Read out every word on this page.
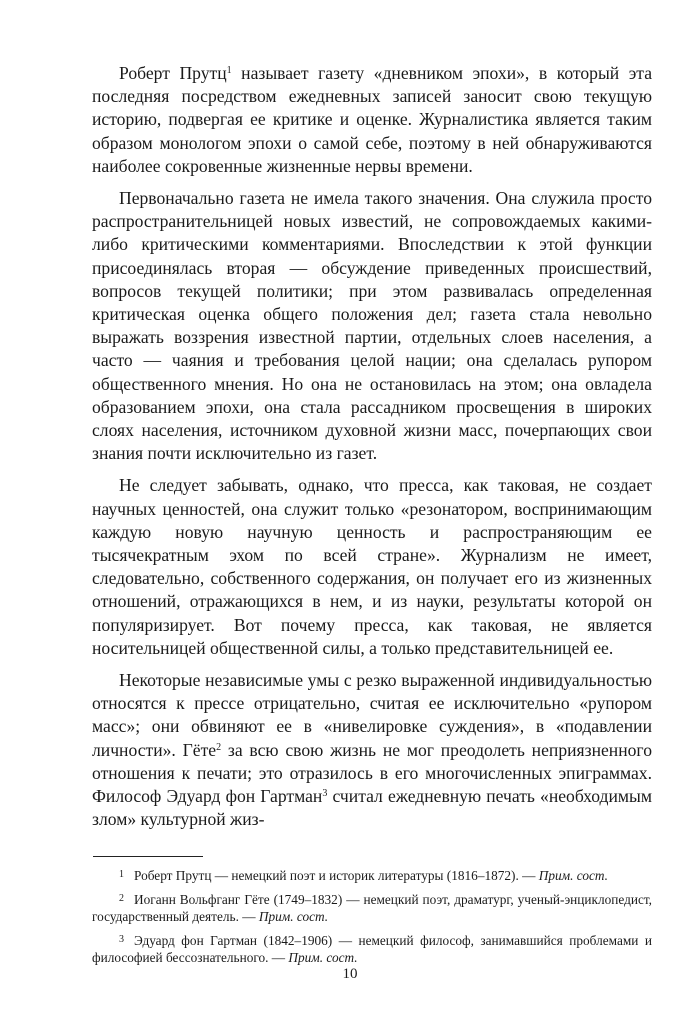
Роберт Прутц$^1$ называет газету «дневником эпохи», в который эта последняя посредством ежедневных записей заносит свою текущую историю, подвергая ее критике и оценке. Журналистика является таким образом монологом эпохи о самой себе, поэтому в ней обнаруживаются наиболее сокровенные жизненные нервы времени.

Первоначально газета не имела такого значения. Она служила просто распространительницей новых известий, не сопровождаемых какими-либо критическими комментариями. Впоследствии к этой функции присоединялась вторая — обсуждение приведенных происшествий, вопросов текущей политики; при этом развивалась определенная критическая оценка общего положения дел; газета стала невольно выражать воззрения известной партии, отдельных слоев населения, а часто — чаяния и требования целой нации; она сделалась рупором общественного мнения. Но она не остановилась на этом; она овладела образованием эпохи, она стала рассадником просвещения в широких слоях населения, источником духовной жизни масс, почерпающих свои знания почти исключительно из газет.

Не следует забывать, однако, что пресса, как таковая, не создает научных ценностей, она служит только «резонатором, воспринимающим каждую новую научную ценность и распространяющим ее тысячекратным эхом по всей стране». Журнализм не имеет, следовательно, собственного содержания, он получает его из жизненных отношений, отражающихся в нем, и из науки, результаты которой он популяризирует. Вот почему пресса, как таковая, не является носительницей общественной силы, а только представительницей ее.

Некоторые независимые умы с резко выраженной индивидуальностью относятся к прессе отрицательно, считая ее исключительно «рупором масс»; они обвиняют ее в «нивелировке суждения», в «подавлении личности». Гёте$^2$ за всю свою жизнь не мог преодолеть неприязненного отношения к печати; это отразилось в его многочисленных эпиграммах. Философ Эдуард фон Гартман$^3$ считал ежедневную печать «необходимым злом» культурной жиз-

$^1$ Роберт Прутц — немецкий поэт и историк литературы (1816–1872). — Прим. сост.

$^2$ Иоганн Вольфганг Гёте (1749–1832) — немецкий поэт, драматург, ученый-энциклопедист, государственный деятель. — Прим. сост.

$^3$ Эдуард фон Гартман (1842–1906) — немецкий философ, занимавшийся проблемами и философией бессознательного. — Прим. сост.

10
